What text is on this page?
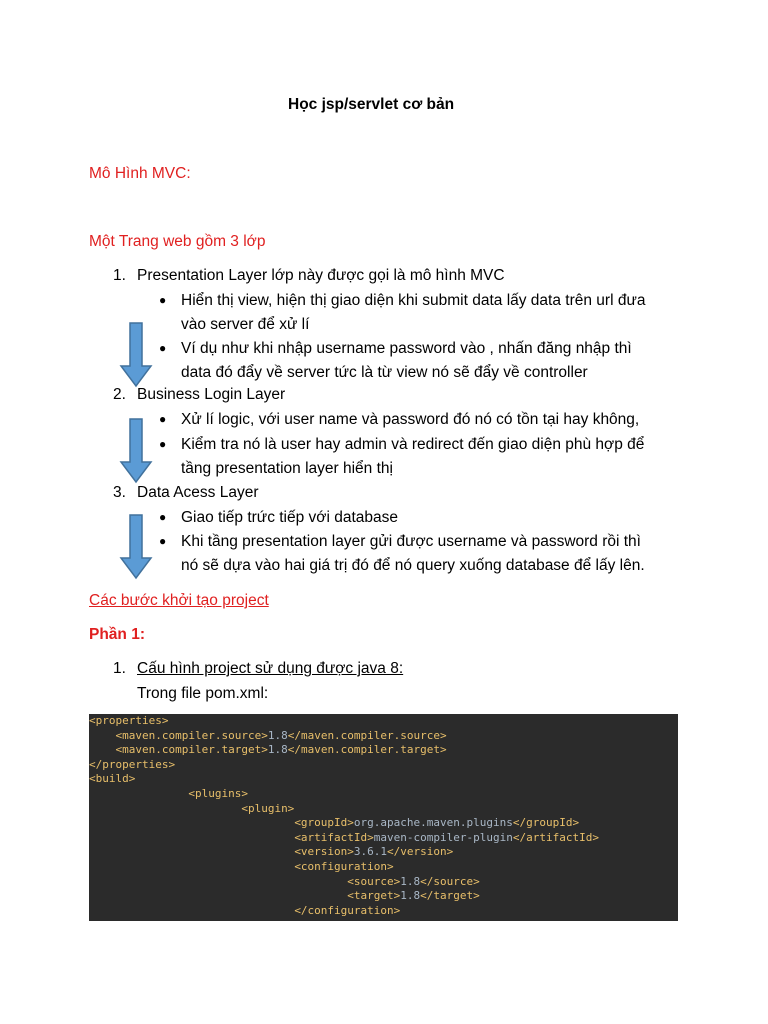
Học jsp/servlet cơ bản
Mô Hình MVC:
Một Trang web gồm 3 lớp
1. Presentation Layer lớp này được gọi là mô hình MVC
● Hiển thị view, hiện thị giao diện khi submit data lấy data trên url đưa
vào server để xử lí
● Ví dụ như khi nhập username password vào , nhấn đăng nhập thì
data đó đẩy về server tức là từ view nó sẽ đẩy về controller
2. Business Login Layer
● Xử lí logic, với user name và password đó nó có tồn tại hay không,
● Kiểm tra nó là user hay admin và redirect đến giao diện phù hợp để
tầng presentation layer hiển thị
3. Data Acess Layer
● Giao tiếp trức tiếp với database
● Khi tầng presentation layer gửi được username và password rồi thì
nó sẽ dựa vào hai giá trị đó để nó query xuống database để lấy lên.
Các bước khởi tạo project
Phần 1:
1. Cấu hình project sử dụng được java 8:
Trong file pom.xml:
<properties>
<maven.compiler.source>1.8</maven.compiler.source>
<maven.compiler.target>1.8</maven.compiler.target>
</properties>
<build>
<plugins>
<plugin>
<groupId>org.apache.maven.plugins</groupId>
<artifactId>maven-compiler-plugin</artifactId>
<version>3.6.1</version>
<configuration>
<source>1.8</source>
<target>1.8</target>
</configuration>
